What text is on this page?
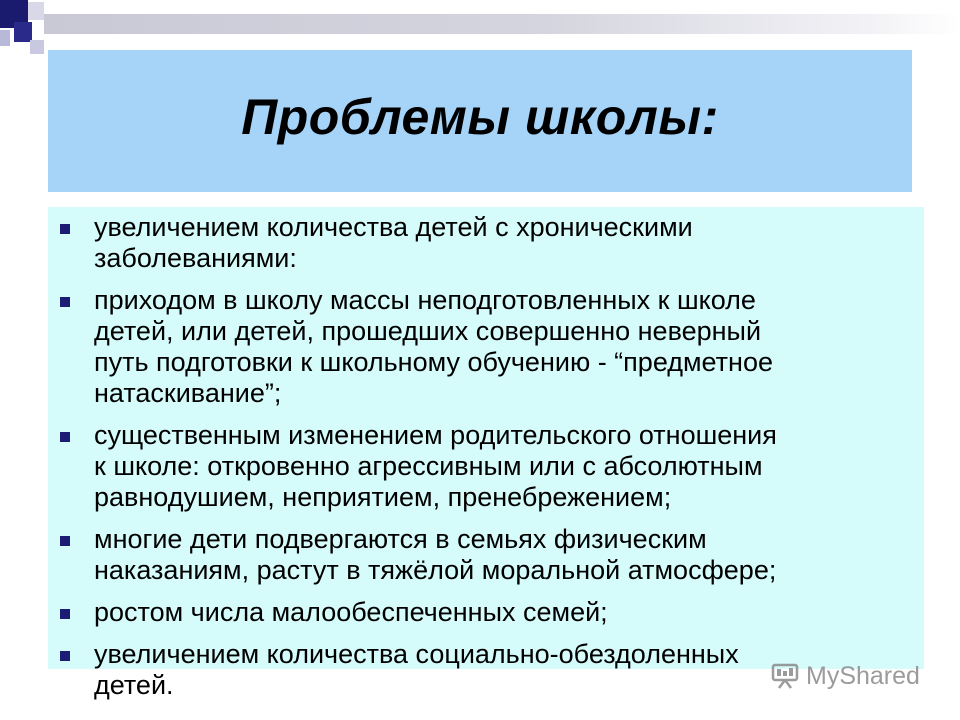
Проблемы школы:
увеличением количества детей с хроническими
заболеваниями:
приходом в школу массы неподготовленных к школе
детей, или детей, прошедших совершенно неверный
путь подготовки к школьному обучению - “предметное
натаскивание”;
существенным изменением родительского отношения
к школе: откровенно агрессивным или с абсолютным
равнодушием, неприятием, пренебрежением;
многие дети подвергаются в семьях физическим
наказаниям, растут в тяжёлой моральной атмосфере;
ростом числа малообеспеченных семей;
увеличением количества социально-обездоленных
детей.	MyShared
